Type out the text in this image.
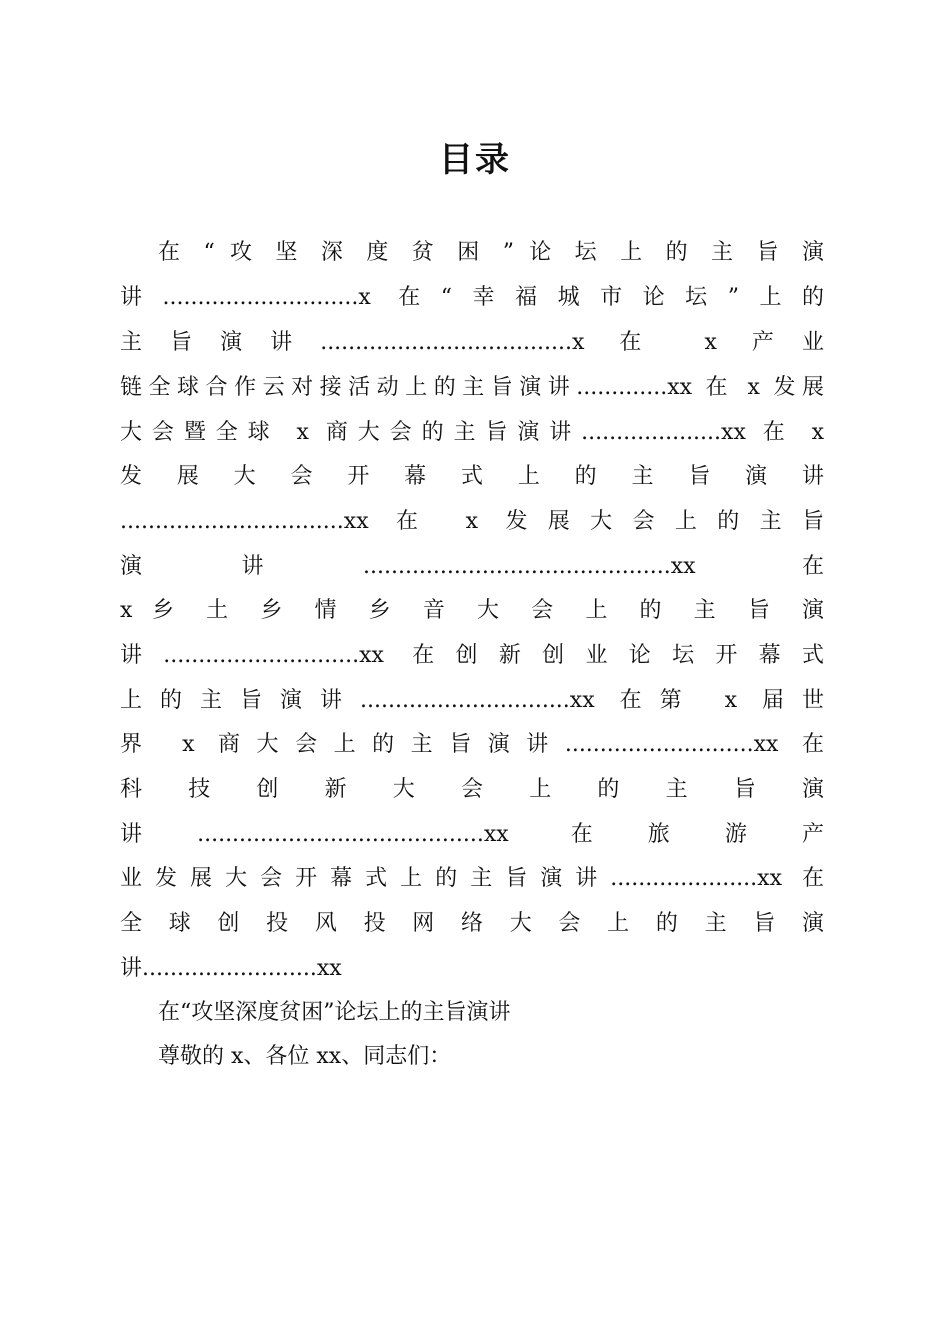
目录
在 “ 攻 坚 深 度 贫 困 ” 论 坛 上 的 主 旨 演
讲............................x 在“幸福城市论坛”上的
主旨演讲....................................x 在 x 产业
链全球合作云对接活动上的主旨演讲.............xx 在 x 发展
大会暨全球 x 商大会的主旨演讲....................xx 在 x
发 展 大 会 开 幕 式 上 的 主 旨 演 讲
................................xx 在 x 发展大会上的主旨
演讲............................................xx 在
x 乡 土 乡 情 乡 音 大 会 上 的 主 旨 演
讲............................xx 在创新创业论坛开幕式
上的主旨演讲..............................xx 在第 x 届世
界 x 商大会上的主旨演讲...........................xx 在
科 技 创 新 大 会 上 的 主 旨 演
讲.........................................xx 在旅游产
业发展大会开幕式上的主旨演讲.....................xx 在
全 球 创 投 风 投 网 络 大 会 上 的 主 旨 演
讲.........................xx
在“攻坚深度贫困”论坛上的主旨演讲
尊敬的 x、各位 xx、同志们：
